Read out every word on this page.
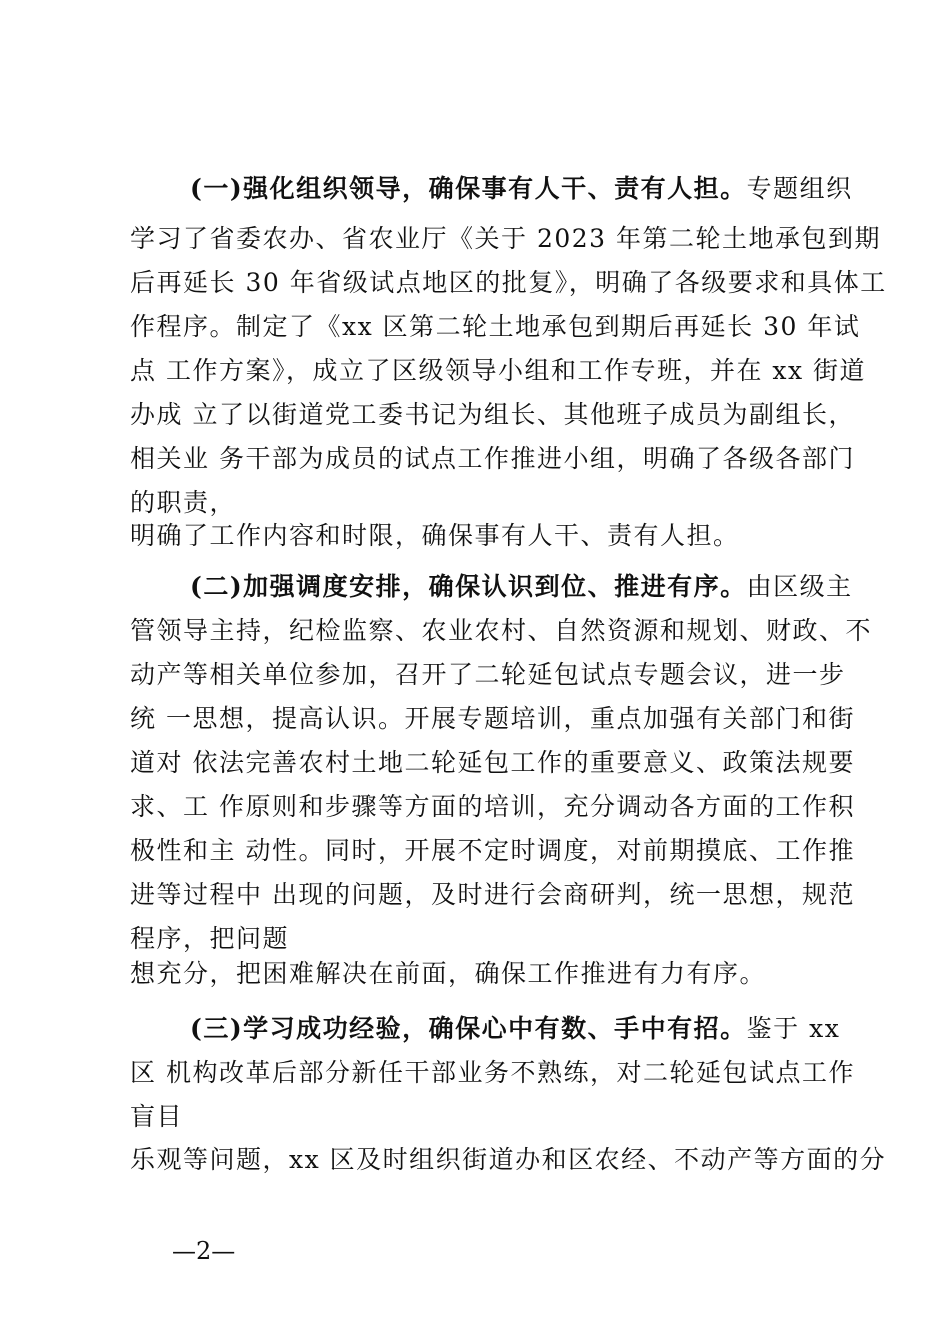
(一)强化组织领导，确保事有人干、责有人担。专题组织
学习了省委农办、省农业厅《关于 2023 年第二轮土地承包到期
后再延长 30 年省级试点地区的批复》，明确了各级要求和具体工
作程序。制定了《xx 区第二轮土地承包到期后再延长 30 年试
点 工作方案》，成立了区级领导小组和工作专班，并在 xx 街道
办成 立了以街道党工委书记为组长、其他班子成员为副组长，
相关业 务干部为成员的试点工作推进小组，明确了各级各部门
的职责，
明确了工作内容和时限，确保事有人干、责有人担。
(二)加强调度安排，确保认识到位、推进有序。由区级主
管领导主持，纪检监察、农业农村、自然资源和规划、财政、不
动产等相关单位参加，召开了二轮延包试点专题会议，进一步
统 一思想，提高认识。开展专题培训，重点加强有关部门和街
道对 依法完善农村土地二轮延包工作的重要意义、政策法规要
求、工 作原则和步骤等方面的培训，充分调动各方面的工作积
极性和主 动性。同时，开展不定时调度，对前期摸底、工作推
进等过程中 出现的问题，及时进行会商研判，统一思想，规范
程序，把问题
想充分，把困难解决在前面，确保工作推进有力有序。
(三)学习成功经验，确保心中有数、手中有招。鉴于 xx
区 机构改革后部分新任干部业务不熟练，对二轮延包试点工作
盲目
乐观等问题，xx 区及时组织街道办和区农经、不动产等方面的分
—2—
